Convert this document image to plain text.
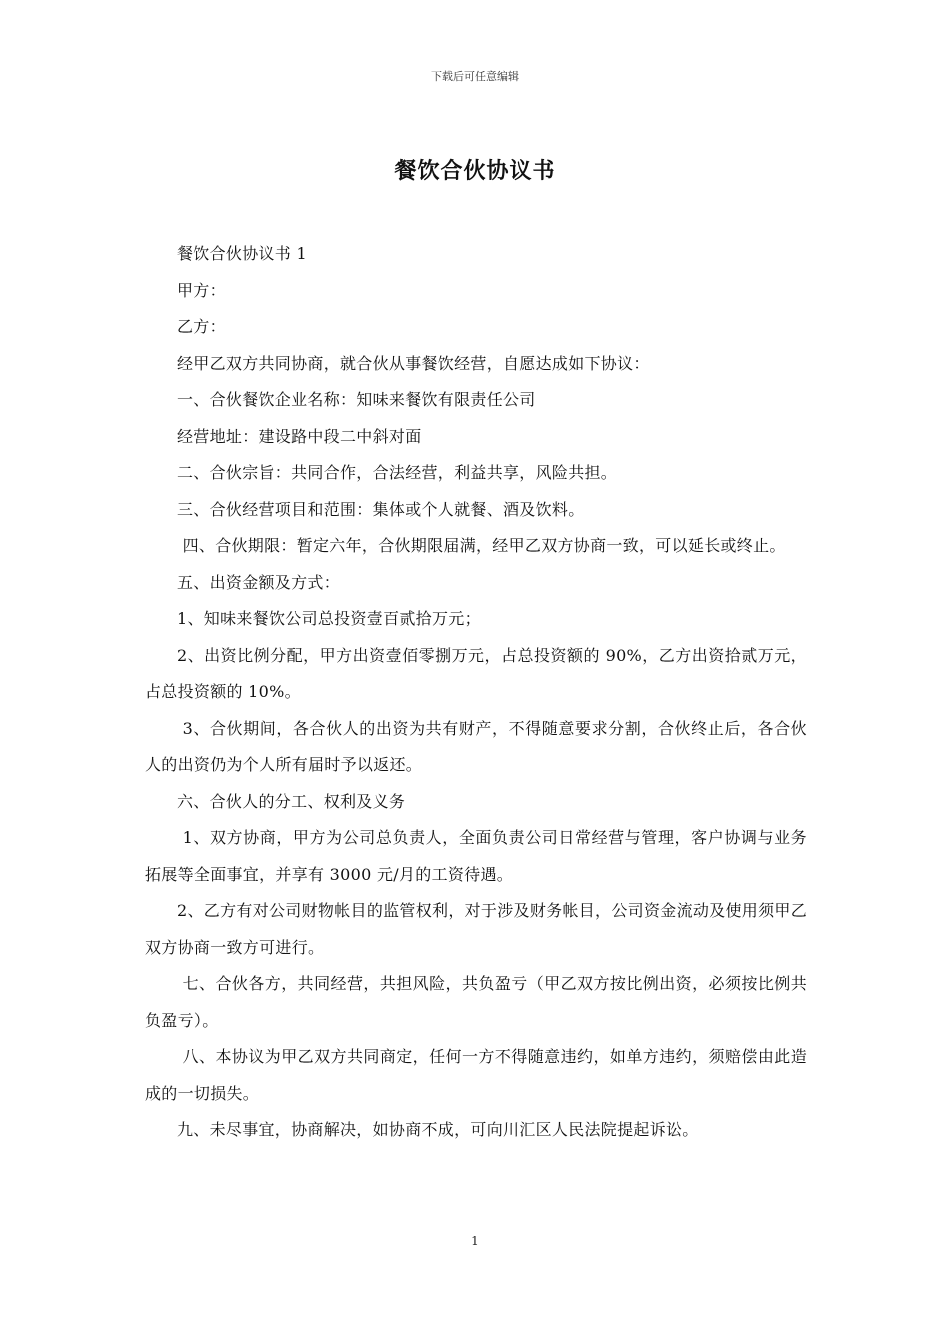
下载后可任意编辑
餐饮合伙协议书

餐饮合伙协议书 1

甲方：

乙方：

经甲乙双方共同协商，就合伙从事餐饮经营，自愿达成如下协议：

一、合伙餐饮企业名称：知味来餐饮有限责任公司

经营地址：建设路中段二中斜对面

二、合伙宗旨：共同合作，合法经营，利益共享，风险共担。

三、合伙经营项目和范围：集体或个人就餐、酒及饮料。

四、合伙期限：暂定六年，合伙期限届满，经甲乙双方协商一致，可以延长或终止。

五、出资金额及方式：

1、知味来餐饮公司总投资壹百贰拾万元；

2、出资比例分配，甲方出资壹佰零捌万元，占总投资额的 90%，乙方出资拾贰万元，占总投资额的 10%。

3、合伙期间，各合伙人的出资为共有财产，不得随意要求分割，合伙终止后，各合伙人的出资仍为个人所有届时予以返还。

六、合伙人的分工、权利及义务

1、双方协商，甲方为公司总负责人，全面负责公司日常经营与管理，客户协调与业务拓展等全面事宜，并享有 3000 元/月的工资待遇。

2、乙方有对公司财物帐目的监管权利，对于涉及财务帐目，公司资金流动及使用须甲乙双方协商一致方可进行。

七、合伙各方，共同经营，共担风险，共负盈亏（甲乙双方按比例出资，必须按比例共负盈亏）。

八、本协议为甲乙双方共同商定，任何一方不得随意违约，如单方违约，须赔偿由此造成的一切损失。

九、未尽事宜，协商解决，如协商不成，可向川汇区人民法院提起诉讼。

1
